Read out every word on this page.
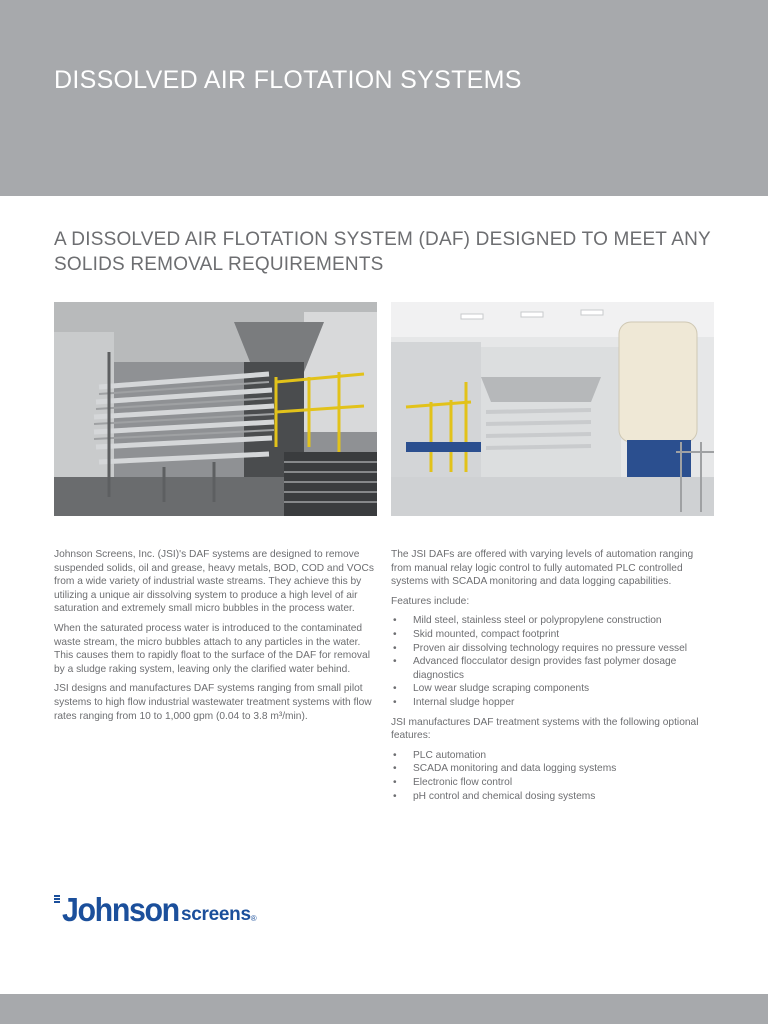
DISSOLVED AIR FLOTATION SYSTEMS
A DISSOLVED AIR FLOTATION SYSTEM (DAF) DESIGNED TO MEET ANY SOLIDS REMOVAL REQUIREMENTS

Johnson Screens, Inc. (JSI)'s DAF systems are designed to remove suspended solids, oil and grease, heavy metals, BOD, COD and VOCs from a wide variety of industrial waste streams. They achieve this by utilizing a unique air dissolving system to produce a high level of air saturation and extremely small micro bubbles in the process water.

When the saturated process water is introduced to the contaminated waste stream, the micro bubbles attach to any particles in the water. This causes them to rapidly float to the surface of the DAF for removal by a sludge raking system, leaving only the clarified water behind.

JSI designs and manufactures DAF systems ranging from small pilot systems to high flow industrial wastewater treatment systems with flow rates ranging from 10 to 1,000 gpm (0.04 to 3.8 m³/min).

The JSI DAFs are offered with varying levels of automation ranging from manual relay logic control to fully automated PLC controlled systems with SCADA monitoring and data logging capabilities.

Features include:

• Mild steel, stainless steel or polypropylene construction
• Skid mounted, compact footprint
• Proven air dissolving technology requires no pressure vessel
• Advanced flocculator design provides fast polymer dosage diagnostics
• Low wear sludge scraping components
• Internal sludge hopper

JSI manufactures DAF treatment systems with the following optional features:

• PLC automation
• SCADA monitoring and data logging systems
• Electronic flow control
• pH control and chemical dosing systems
Johnson screens ®
